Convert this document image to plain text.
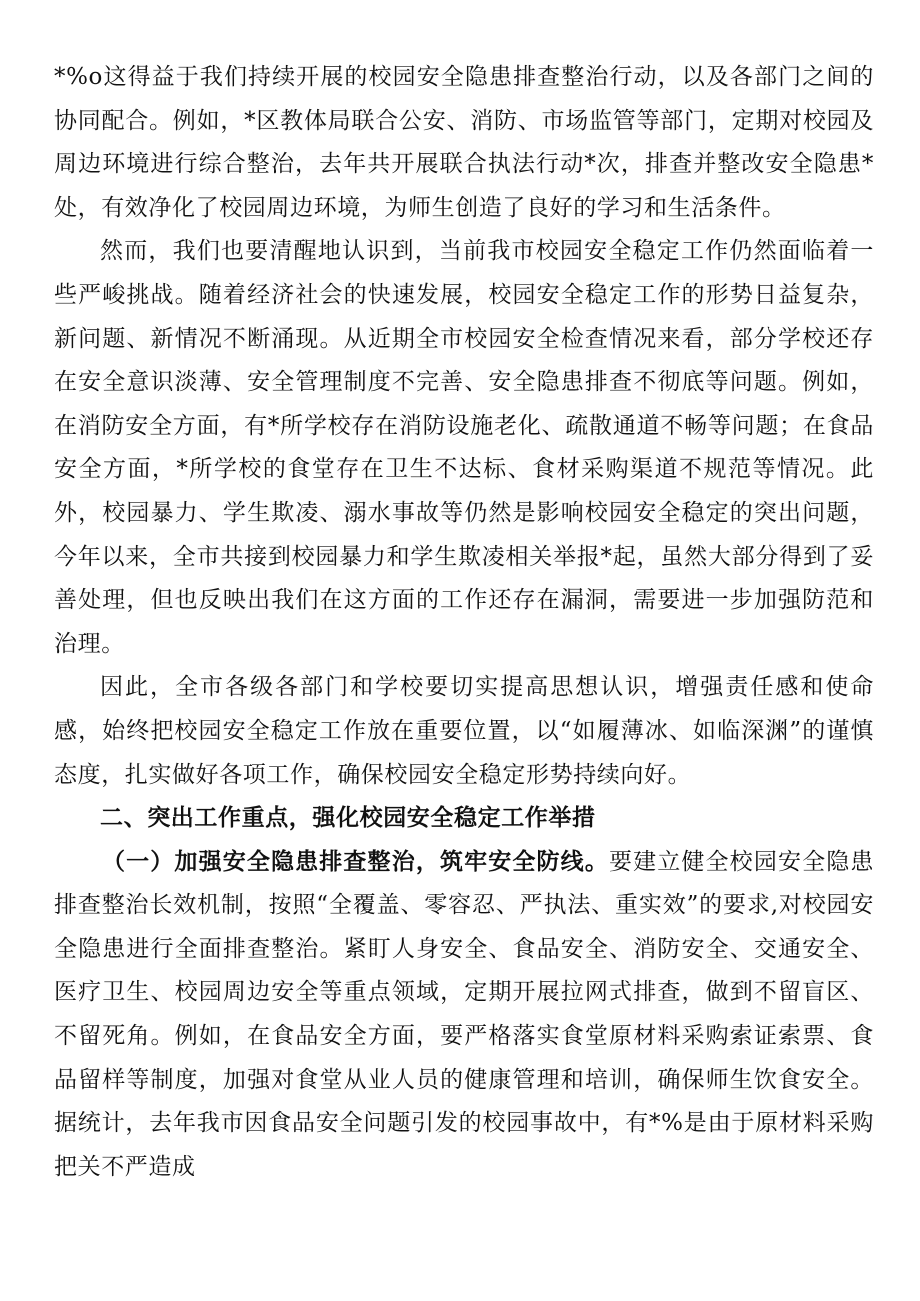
*%o这得益于我们持续开展的校园安全隐患排查整治行动，以及各部门之间的协同配合。例如，*区教体局联合公安、消防、市场监管等部门，定期对校园及周边环境进行综合整治，去年共开展联合执法行动*次，排查并整改安全隐患*处，有效净化了校园周边环境，为师生创造了良好的学习和生活条件。

然而，我们也要清醒地认识到，当前我市校园安全稳定工作仍然面临着一些严峻挑战。随着经济社会的快速发展，校园安全稳定工作的形势日益复杂，新问题、新情况不断涌现。从近期全市校园安全检查情况来看，部分学校还存在安全意识淡薄、安全管理制度不完善、安全隐患排查不彻底等问题。例如，在消防安全方面，有*所学校存在消防设施老化、疏散通道不畅等问题；在食品安全方面，*所学校的食堂存在卫生不达标、食材采购渠道不规范等情况。此外，校园暴力、学生欺凌、溺水事故等仍然是影响校园安全稳定的突出问题，今年以来，全市共接到校园暴力和学生欺凌相关举报*起，虽然大部分得到了妥善处理，但也反映出我们在这方面的工作还存在漏洞，需要进一步加强防范和治理。

因此，全市各级各部门和学校要切实提高思想认识，增强责任感和使命感，始终把校园安全稳定工作放在重要位置，以“如履薄冰、如临深渊”的谨慎态度，扎实做好各项工作，确保校园安全稳定形势持续向好。

二、突出工作重点，强化校园安全稳定工作举措

（一）加强安全隐患排查整治，筑牢安全防线。要建立健全校园安全隐患排查整治长效机制，按照“全覆盖、零容忍、严执法、重实效”的要求,对校园安全隐患进行全面排查整治。紧盯人身安全、食品安全、消防安全、交通安全、医疗卫生、校园周边安全等重点领域，定期开展拉网式排查，做到不留盲区、不留死角。例如，在食品安全方面，要严格落实食堂原材料采购索证索票、食品留样等制度，加强对食堂从业人员的健康管理和培训，确保师生饮食安全。据统计，去年我市因食品安全问题引发的校园事故中，有*%是由于原材料采购把关不严造成
